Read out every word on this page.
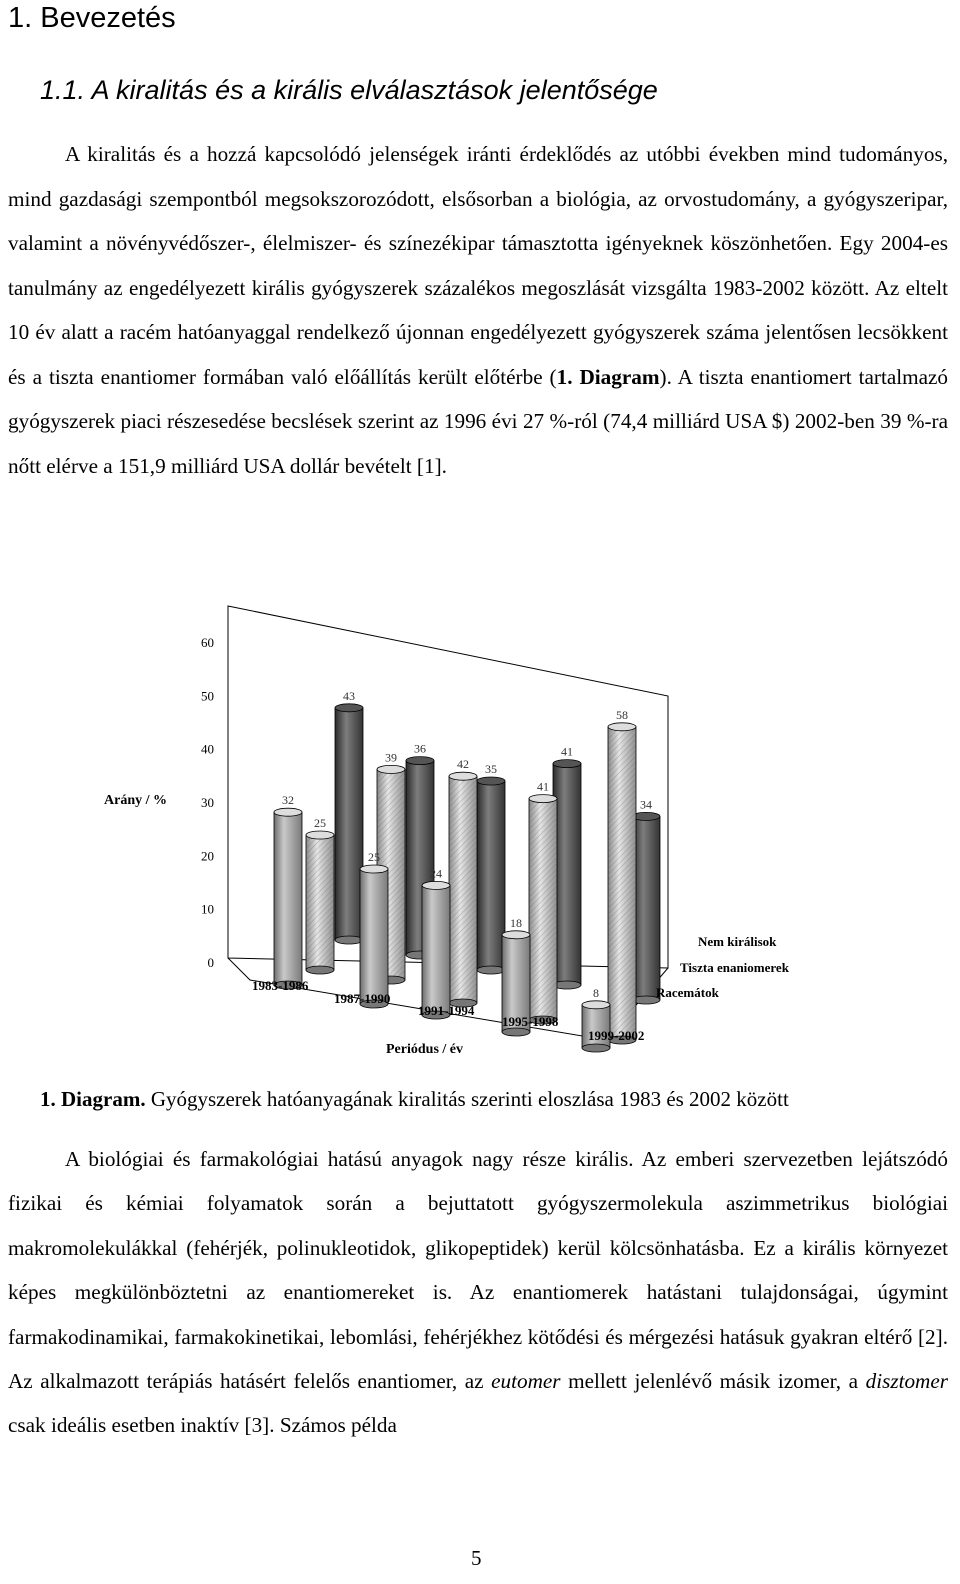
1. Bevezetés
1.1. A kiralitás és a királis elválasztások jelentősége

A kiralitás és a hozzá kapcsolódó jelenségek iránti érdeklődés az utóbbi években mind tudományos, mind gazdasági szempontból megsokszorozódott, elsősorban a biológia, az orvostudomány, a gyógyszeripar, valamint a növényvédőszer-, élelmiszer- és színezékipar támasztotta igényeknek köszönhetően. Egy 2004-es tanulmány az engedélyezett királis gyógyszerek százalékos megoszlását vizsgálta 1983-2002 között. Az eltelt 10 év alatt a racém hatóanyaggal rendelkező újonnan engedélyezett gyógyszerek száma jelentősen lecsökkent és a tiszta enantiomer formában való előállítás került előtérbe (1. Diagram). A tiszta enantiomert tartalmazó gyógyszerek piaci részesedése becslések szerint az 1996 évi 27 %-ról (74,4 milliárd USA $) 2002-ben 39 %-ra nőtt elérve a 151,9 milliárd USA dollár bevételt [1].

0
10
20
30
40
50
60
43
36
35
41
34
25
39	42
41
58
32
25
24
18
8
1983-1986
1987-1990
1991-1994
1995-1998
1999-2002
Racemátok
Tiszta enaniomerek
Nem királisok
Arány / %
Periódus / év
1. Diagram. Gyógyszerek hatóanyagának kiralitás szerinti eloszlása 1983 és 2002 között

A biológiai és farmakológiai hatású anyagok nagy része királis. Az emberi szervezetben lejátszódó fizikai és kémiai folyamatok során a bejuttatott gyógyszermolekula aszimmetrikus biológiai makromolekulákkal (fehérjék, polinukleotidok, glikopeptidek) kerül kölcsönhatásba. Ez a királis környezet képes megkülönböztetni az enantiomereket is. Az enantiomerek hatástani tulajdonságai, úgymint farmakodinamikai, farmakokinetikai, lebomlási, fehérjékhez kötődési és mérgezési hatásuk gyakran eltérő [2]. Az alkalmazott terápiás hatásért felelős enantiomer, az eutomer mellett jelenlévő másik izomer, a disztomer csak ideális esetben inaktív [3]. Számos példa

5
